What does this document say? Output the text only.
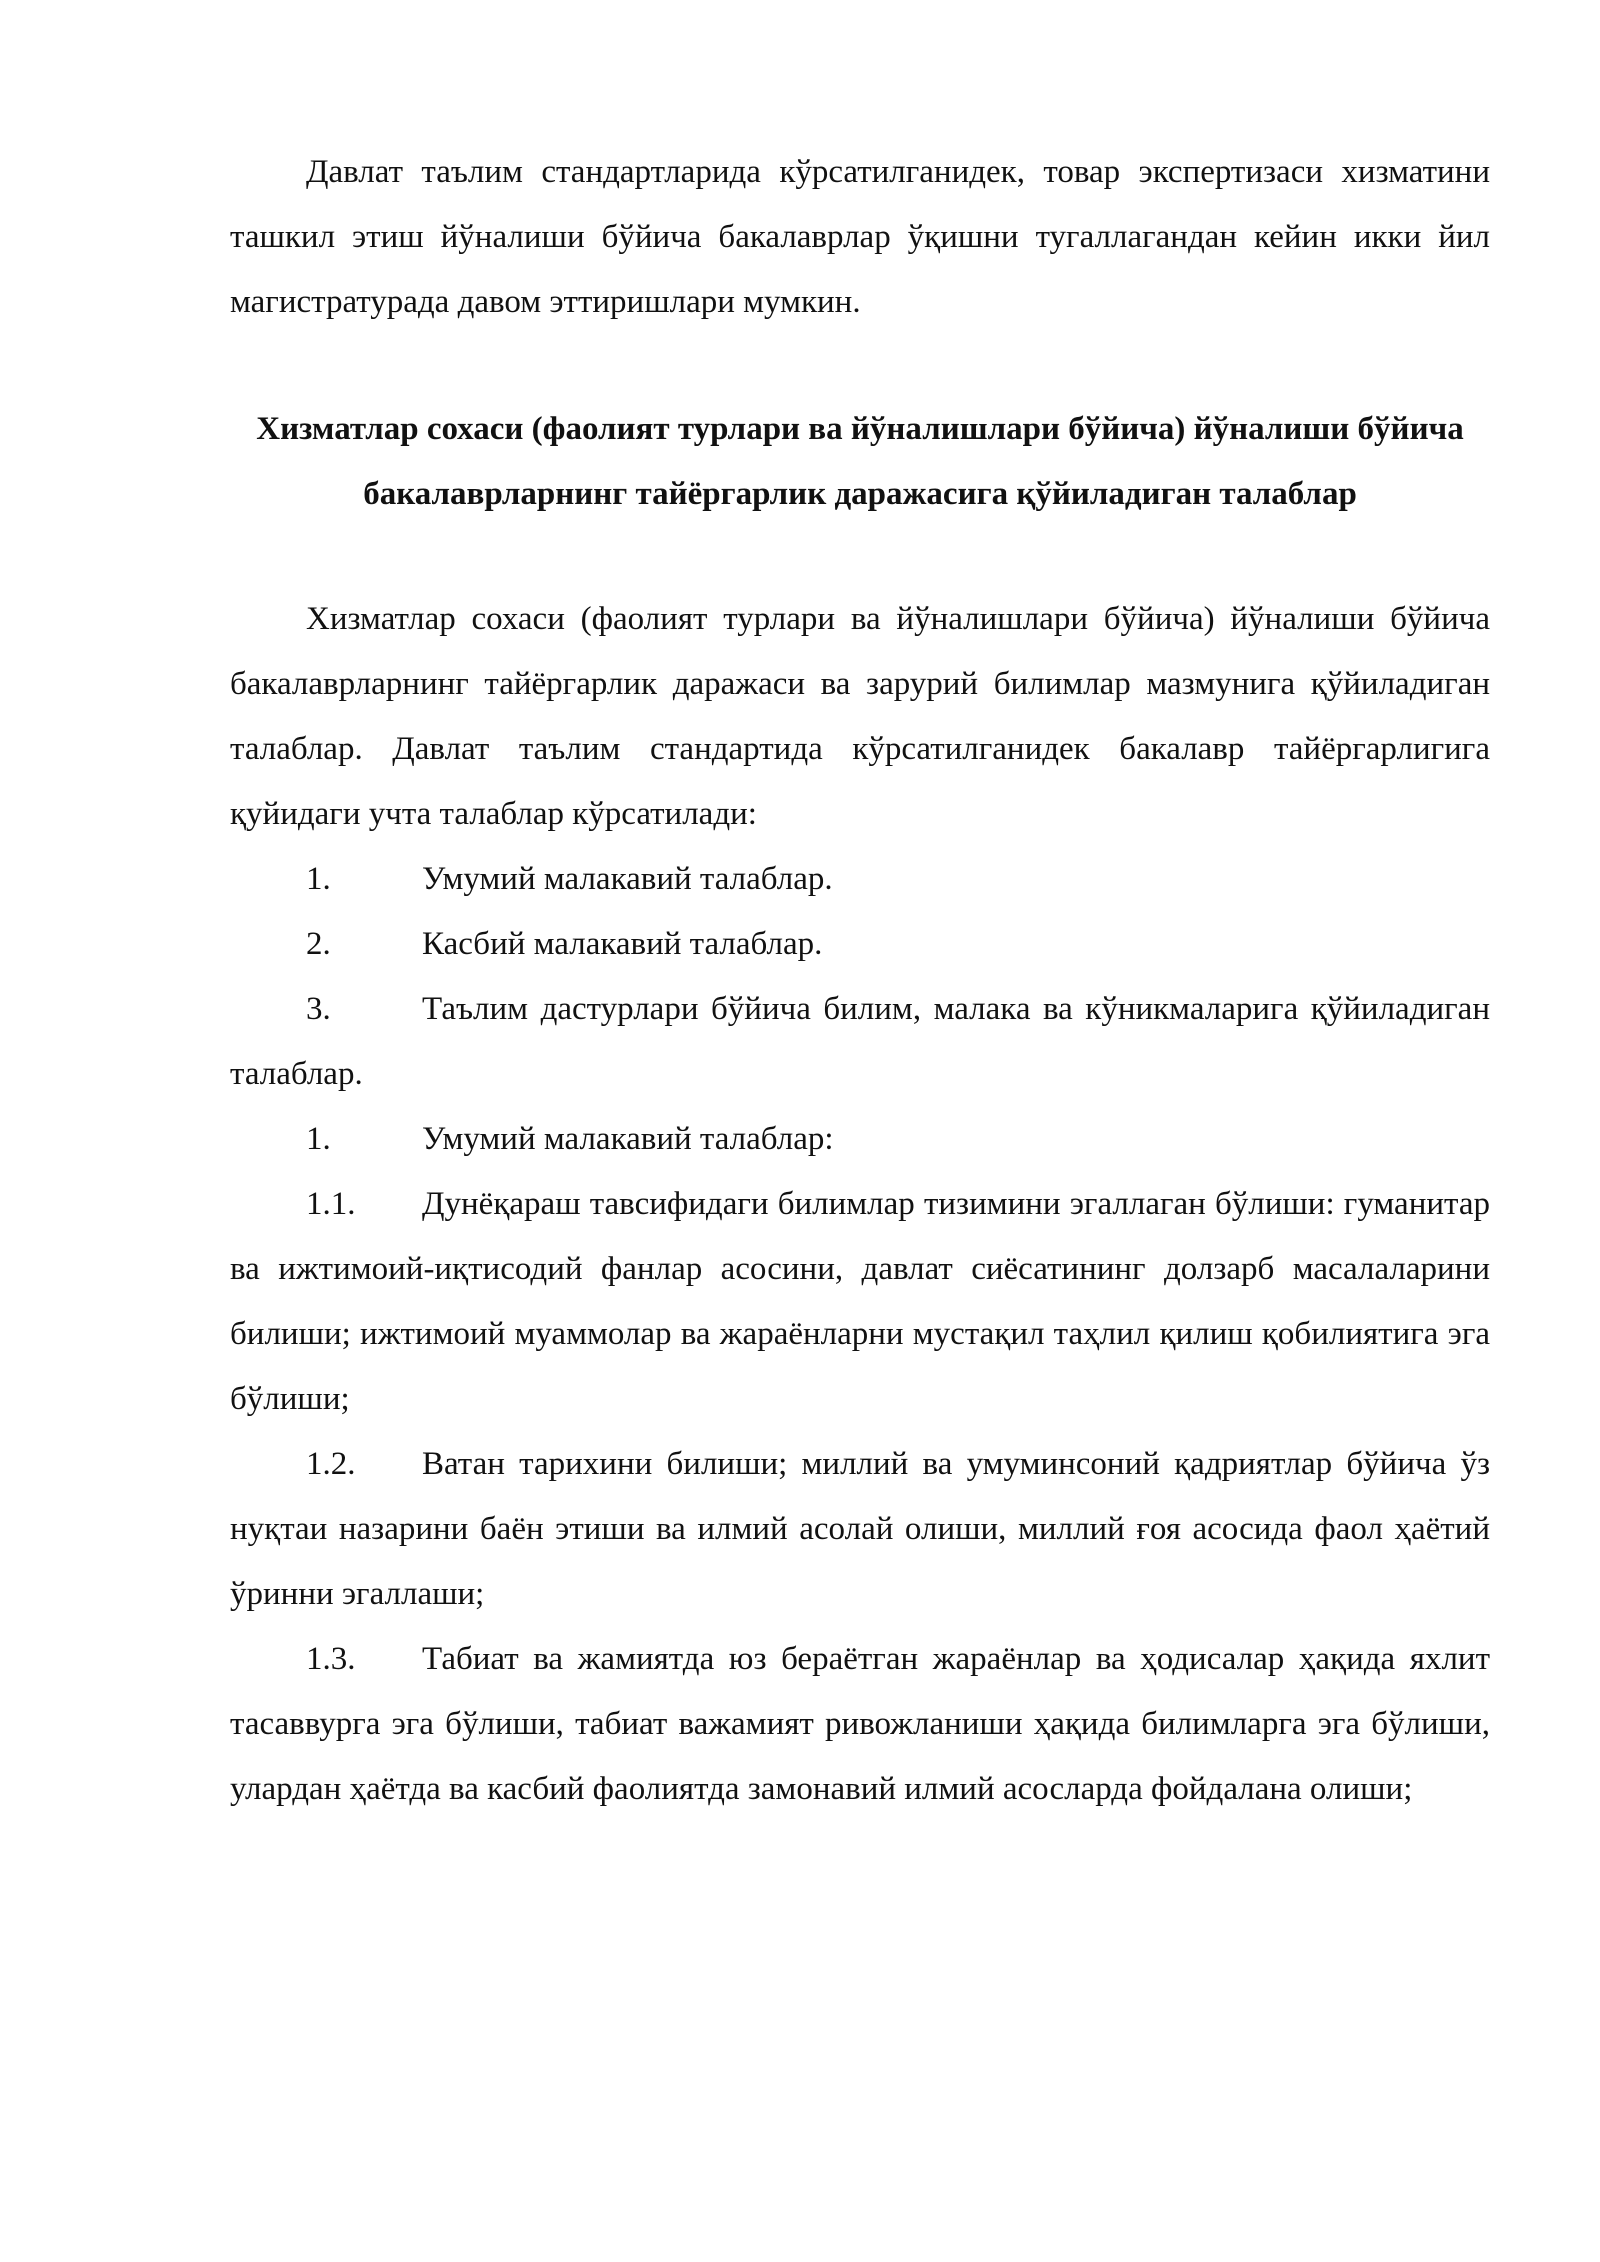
Давлат таълим стандартларида кўрсатилганидек, товар экспертизаси хизматини ташкил этиш йўналиши бўйича бакалаврлар ўқишни тугаллагандан кейин икки йил магистратурада давом эттиришлари мумкин.

Хизматлар сохаси (фаолият турлари ва йўналишлари бўйича) йўналиши бўйича бакалаврларнинг тайёргарлик даражасига қўйиладиган талаблар

Хизматлар сохаси (фаолият турлари ва йўналишлари бўйича) йўналиши бўйича бакалаврларнинг тайёргарлик даражаси ва зарурий билимлар мазмунига қўйиладиган талаблар. Давлат таълим стандартида кўрсатилганидек бакалавр тайёргарлигига қуйидаги учта талаблар кўрсатилади:

1.	Умумий малакавий талаблар.

2.	Касбий малакавий талаблар.

3.	Таълим дастурлари бўйича билим, малака ва кўникмаларига қўйиладиган талаблар.

1.	Умумий малакавий талаблар:

1.1. Дунёқараш тавсифидаги билимлар тизимини эгаллаган бўлиши: гуманитар ва ижтимоий-иқтисодий фанлар асосини, давлат сиёсатининг долзарб масалаларини билиши; ижтимоий муаммолар ва жараёнларни мустақил таҳлил қилиш қобилиятига эга бўлиши;

1.2. Ватан тарихини билиши; миллий ва умуминсоний қадриятлар бўйича ўз нуқтаи назарини баён этиши ва илмий асолай олиши, миллий ғоя асосида фаол ҳаётий ўринни эгаллаши;

1.3. Табиат ва жамиятда юз бераётган жараёнлар ва ҳодисалар ҳақида яхлит тасаввурга эга бўлиши, табиат важамият ривожланиши ҳақида билимларга эга бўлиши, улардан ҳаётда ва касбий фаолиятда замонавий илмий асосларда фойдалана олиши;
